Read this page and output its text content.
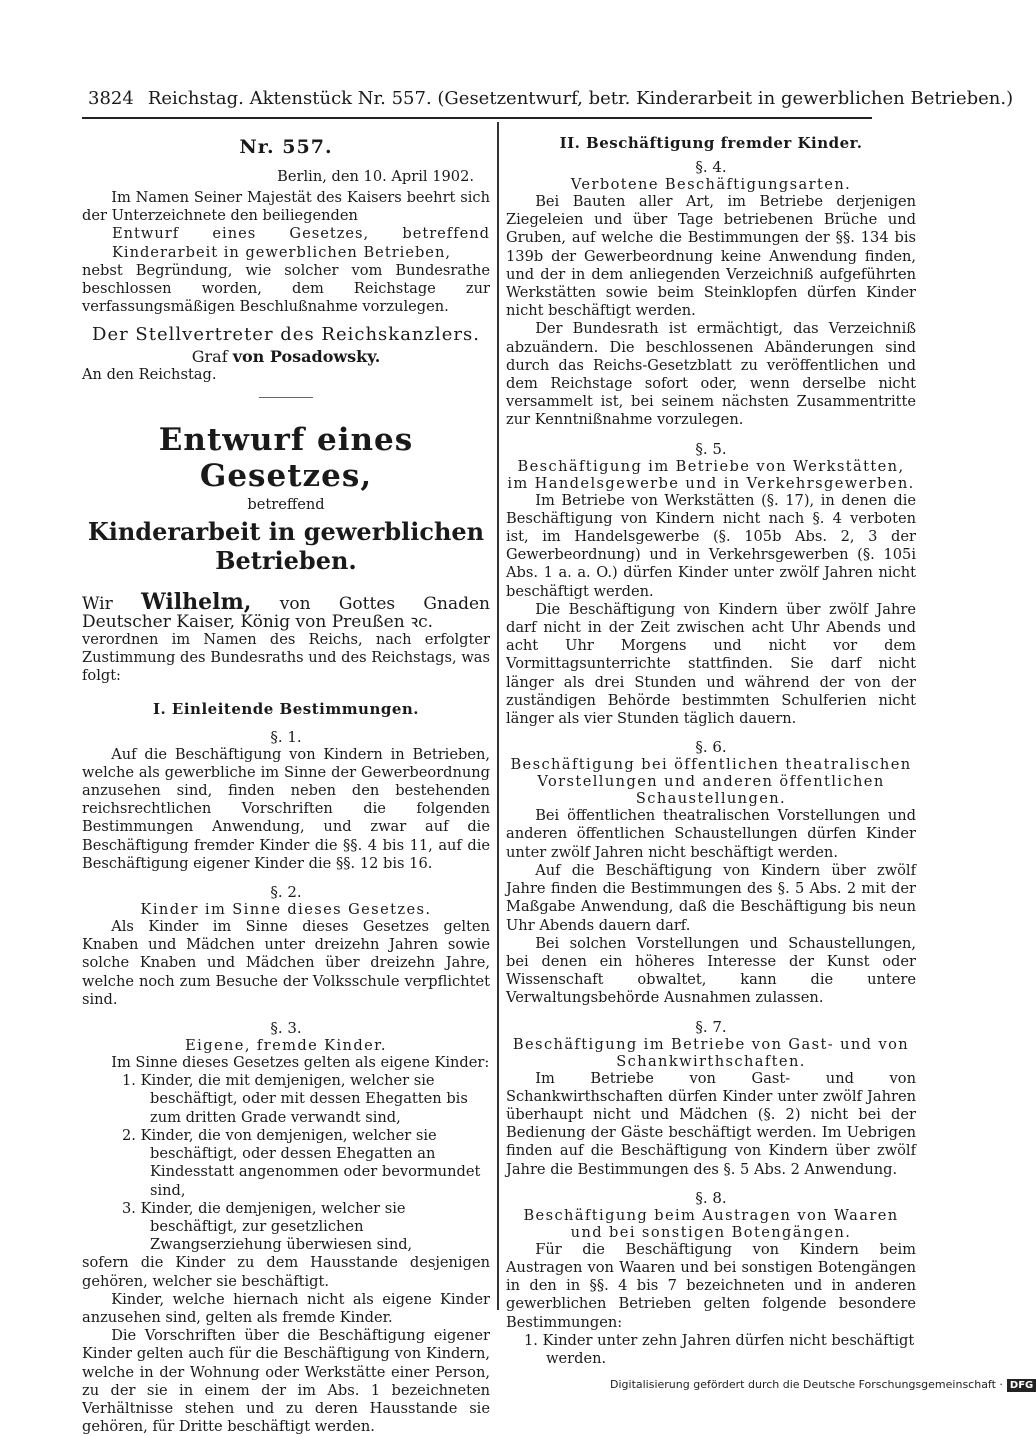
3824 Reichstag. Aktenstück Nr. 557. (Gesetzentwurf, betr. Kinderarbeit in gewerblichen Betrieben.)
Nr. 557.
Berlin, den 10. April 1902.

Im Namen Seiner Majestät des Kaisers beehrt sich der Unterzeichnete den beiliegenden

Entwurf eines Gesetzes, betreffend Kinderarbeit in gewerblichen Betrieben,

nebst Begründung, wie solcher vom Bundesrathe beschlossen worden, dem Reichstage zur verfassungsmäßigen Beschlußnahme vorzulegen.

Der Stellvertreter des Reichskanzlers.
Graf von Posadowsky.

An den Reichstag.

Entwurf eines Gesetzes,
betreffend
Kinderarbeit in gewerblichen Betrieben.

Wir Wilhelm, von Gottes Gnaden Deutscher Kaiser, König von Preußen ꝛc.

verordnen im Namen des Reichs, nach erfolgter Zustimmung des Bundesraths und des Reichstags, was folgt:

I. Einleitende Bestimmungen.
§. 1.

Auf die Beschäftigung von Kindern in Betrieben, welche als gewerbliche im Sinne der Gewerbeordnung anzusehen sind, finden neben den bestehenden reichsrechtlichen Vorschriften die folgenden Bestimmungen Anwendung, und zwar auf die Beschäftigung fremder Kinder die §§. 4 bis 11, auf die Beschäftigung eigener Kinder die §§. 12 bis 16.

§. 2.
Kinder im Sinne dieses Gesetzes.

Als Kinder im Sinne dieses Gesetzes gelten Knaben und Mädchen unter dreizehn Jahren sowie solche Knaben und Mädchen über dreizehn Jahre, welche noch zum Besuche der Volksschule verpflichtet sind.

§. 3.
Eigene, fremde Kinder.

Im Sinne dieses Gesetzes gelten als eigene Kinder:

1. Kinder, die mit demjenigen, welcher sie beschäftigt, oder mit dessen Ehegatten bis zum dritten Grade verwandt sind,
2. Kinder, die von demjenigen, welcher sie beschäftigt, oder dessen Ehegatten an Kindesstatt angenommen oder bevormundet sind,
3. Kinder, die demjenigen, welcher sie beschäftigt, zur gesetzlichen Zwangserziehung überwiesen sind,

sofern die Kinder zu dem Hausstande desjenigen gehören, welcher sie beschäftigt.

Kinder, welche hiernach nicht als eigene Kinder anzusehen sind, gelten als fremde Kinder.

Die Vorschriften über die Beschäftigung eigener Kinder gelten auch für die Beschäftigung von Kindern, welche in der Wohnung oder Werkstätte einer Person, zu der sie in einem der im Abs. 1 bezeichneten Verhältnisse stehen und zu deren Hausstande sie gehören, für Dritte beschäftigt werden.

II. Beschäftigung fremder Kinder.
§. 4.
Verbotene Beschäftigungsarten.

Bei Bauten aller Art, im Betriebe derjenigen Ziegeleien und über Tage betriebenen Brüche und Gruben, auf welche die Bestimmungen der §§. 134 bis 139b der Gewerbeordnung keine Anwendung finden, und der in dem anliegenden Verzeichniß aufgeführten Werkstätten sowie beim Steinklopfen dürfen Kinder nicht beschäftigt werden.

Der Bundesrath ist ermächtigt, das Verzeichniß abzuändern. Die beschlossenen Abänderungen sind durch das Reichs-Gesetzblatt zu veröffentlichen und dem Reichstage sofort oder, wenn derselbe nicht versammelt ist, bei seinem nächsten Zusammentritte zur Kenntnißnahme vorzulegen.

§. 5.
Beschäftigung im Betriebe von Werkstätten, im Handelsgewerbe und in Verkehrsgewerben.

Im Betriebe von Werkstätten (§. 17), in denen die Beschäftigung von Kindern nicht nach §. 4 verboten ist, im Handelsgewerbe (§. 105b Abs. 2, 3 der Gewerbeordnung) und in Verkehrsgewerben (§. 105i Abs. 1 a. a. O.) dürfen Kinder unter zwölf Jahren nicht beschäftigt werden.

Die Beschäftigung von Kindern über zwölf Jahre darf nicht in der Zeit zwischen acht Uhr Abends und acht Uhr Morgens und nicht vor dem Vormittagsunterrichte stattfinden. Sie darf nicht länger als drei Stunden und während der von der zuständigen Behörde bestimmten Schulferien nicht länger als vier Stunden täglich dauern.

§. 6.
Beschäftigung bei öffentlichen theatralischen Vorstellungen und anderen öffentlichen Schaustellungen.

Bei öffentlichen theatralischen Vorstellungen und anderen öffentlichen Schaustellungen dürfen Kinder unter zwölf Jahren nicht beschäftigt werden.

Auf die Beschäftigung von Kindern über zwölf Jahre finden die Bestimmungen des §. 5 Abs. 2 mit der Maßgabe Anwendung, daß die Beschäftigung bis neun Uhr Abends dauern darf.

Bei solchen Vorstellungen und Schaustellungen, bei denen ein höheres Interesse der Kunst oder Wissenschaft obwaltet, kann die untere Verwaltungsbehörde Ausnahmen zulassen.

§. 7.
Beschäftigung im Betriebe von Gast- und von Schankwirthschaften.

Im Betriebe von Gast- und von Schankwirthschaften dürfen Kinder unter zwölf Jahren überhaupt nicht und Mädchen (§. 2) nicht bei der Bedienung der Gäste beschäftigt werden. Im Uebrigen finden auf die Beschäftigung von Kindern über zwölf Jahre die Bestimmungen des §. 5 Abs. 2 Anwendung.

§. 8.
Beschäftigung beim Austragen von Waaren und bei sonstigen Botengängen.

Für die Beschäftigung von Kindern beim Austragen von Waaren und bei sonstigen Botengängen in den in §§. 4 bis 7 bezeichneten und in anderen gewerblichen Betrieben gelten folgende besondere Bestimmungen:

1. Kinder unter zehn Jahren dürfen nicht beschäftigt werden.
Digitalisierung gefördert durch die Deutsche Forschungsgemeinschaft · DFG
